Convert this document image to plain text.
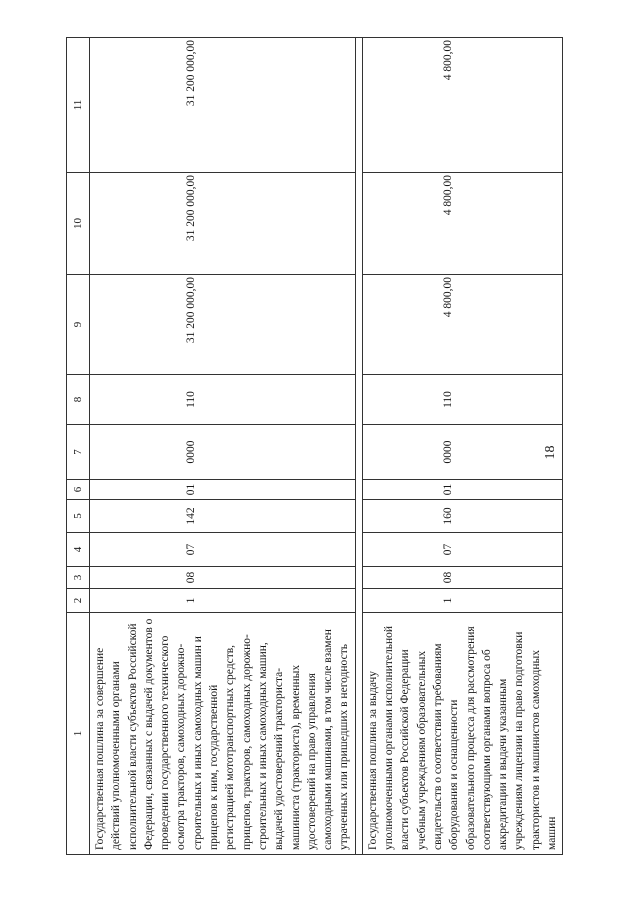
18
1	2	3	4	5	6	7	8	9	10	11
Государственная пошлина за совершение действий уполномоченными органами исполнительной власти субъектов Российской Федерации, связанных с выдачей документов о проведении государственного технического осмотра тракторов, самоходных дорожно-строительных и иных самоходных машин и прицепов к ним, государственной регистрацией мототранспортных средств, прицепов, тракторов, самоходных дорожно-строительных и иных самоходных машин, выдачей удостоверений тракториста-машиниста (тракториста), временных удостоверений на право управления самоходными машинами, в том числе взамен утраченных или пришедших в негодность	1	08	07	142	01	0000	110	31 200 000,00	31 200 000,00	31 200 000,00

Государственная пошлина за выдачу уполномоченными органами исполнительной власти субъектов Российской Федерации учебным учреждениям образовательных свидетельств о соответствии требованиям оборудования и оснащенности образовательного процесса для рассмотрения соответствующими органами вопроса об аккредитации и выдачи указанным учреждениям лицензии на право подготовки трактористов и машинистов самоходных машин	1	08	07	160	01	0000	110	4 800,00	4 800,00	4 800,00
